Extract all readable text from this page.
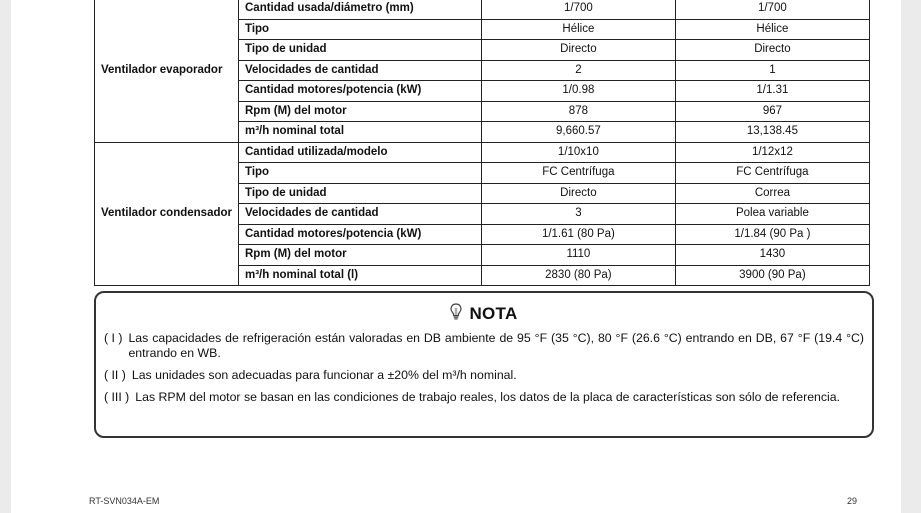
Ventilador evaporador	Cantidad usada/diámetro (mm)	1/700	1/700
	Tipo	Hélice	Hélice
	Tipo de unidad	Directo	Directo
	Velocidades de cantidad	2	1
	Cantidad motores/potencia (kW)	1/0.98	1/1.31
	Rpm (M) del motor	878	967
	m³/h nominal total	9,660.57	13,138.45
Ventilador condensador	Cantidad utilizada/modelo	1/10x10	1/12x12
	Tipo	FC Centrífuga	FC Centrífuga
	Tipo de unidad	Directo	Correa
	Velocidades de cantidad	3	Polea variable
	Cantidad motores/potencia (kW)	1/1.61 (80 Pa)	1/1.84 (90 Pa )
	Rpm (M) del motor	1110	1430
	m³/h nominal total (l)	2830 (80 Pa)	3900 (90 Pa)
NOTA
( I ) Las capacidades de refrigeración están valoradas en DB ambiente de 95 °F (35 °C), 80 °F (26.6 °C) entrando en DB, 67 °F (19.4 °C) entrando en WB.
( II ) Las unidades son adecuadas para funcionar a ±20% del m³/h nominal.
( III ) Las RPM del motor se basan en las condiciones de trabajo reales, los datos de la placa de características son sólo de referencia.
RT-SVN034A-EM	29
